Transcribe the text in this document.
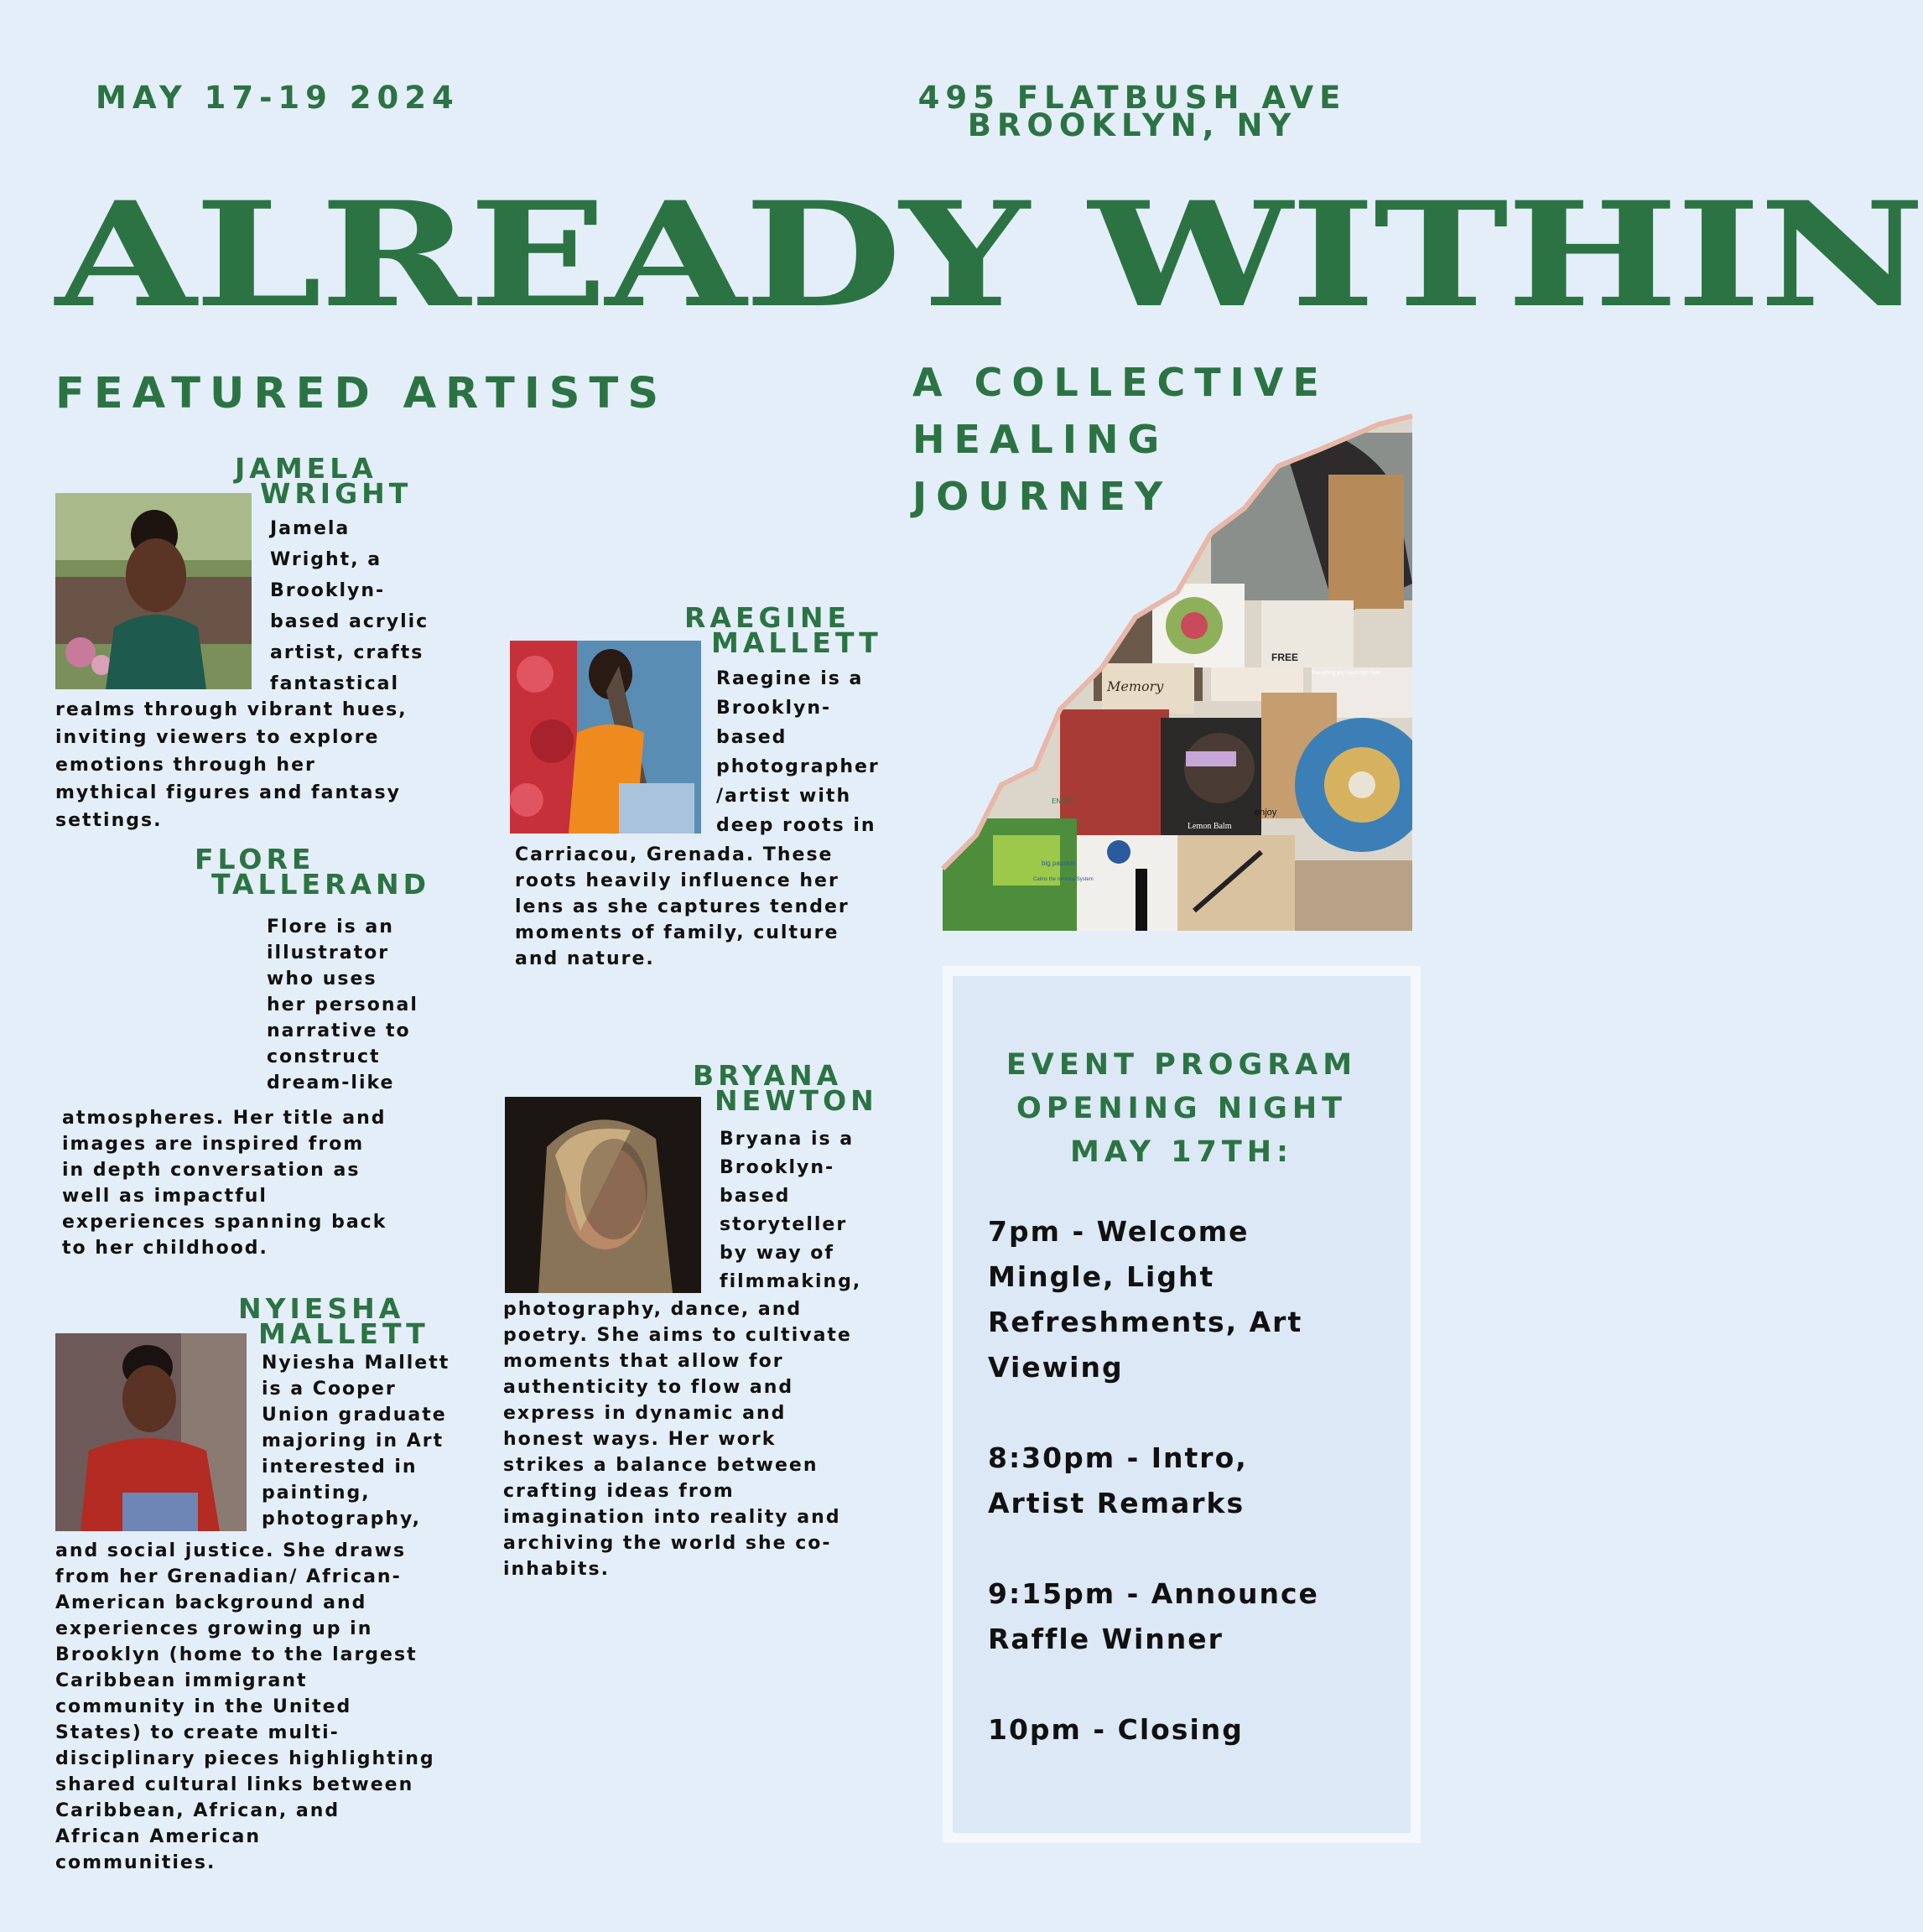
MAY 17-19 2024	495 FLATBUSH AVE
BROOKLYN, NY
ALREADY WITHIN
FEATURED ARTISTS	A COLLECTIVE
HEALING
JOURNEY
FREE
Memory
enjoy
ENJOY
Lemon Balm
big passion
Calms the nervous System
Everything you need right here
JAMELA
WRIGHT
Jamela
Wright, a
Brooklyn-
based acrylic
artist, crafts
fantastical
realms through vibrant hues,
inviting viewers to explore
emotions through her
mythical figures and fantasy
settings.
FLORE
TALLERAND
Flore is an
illustrator
who uses
her personal
narrative to
construct
dream-like
atmospheres. Her title and
images are inspired from
in depth conversation as
well as impactful
experiences spanning back
to her childhood.
NYIESHA
MALLETT
Nyiesha Mallett
is a Cooper
Union graduate
majoring in Art
interested in
painting,
photography,
and social justice. She draws
from her Grenadian/ African-
American background and
experiences growing up in
Brooklyn (home to the largest
Caribbean immigrant
community in the United
States) to create multi-
disciplinary pieces highlighting
shared cultural links between
Caribbean, African, and
African American
communities.
RAEGINE
MALLETT
Raegine is a
Brooklyn-
based
photographer
/artist with
deep roots in
Carriacou, Grenada. These
roots heavily influence her
lens as she captures tender
moments of family, culture
and nature.
BRYANA
NEWTON
Bryana is a
Brooklyn-
based
storyteller
by way of
filmmaking,
photography, dance, and
poetry. She aims to cultivate
moments that allow for
authenticity to flow and
express in dynamic and
honest ways. Her work
strikes a balance between
crafting ideas from
imagination into reality and
archiving the world she co-
inhabits.
EVENT PROGRAM
OPENING NIGHT
MAY 17TH:
7pm - Welcome
Mingle, Light
Refreshments, Art
Viewing
8:30pm - Intro,
Artist Remarks
9:15pm - Announce
Raffle Winner
10pm - Closing
